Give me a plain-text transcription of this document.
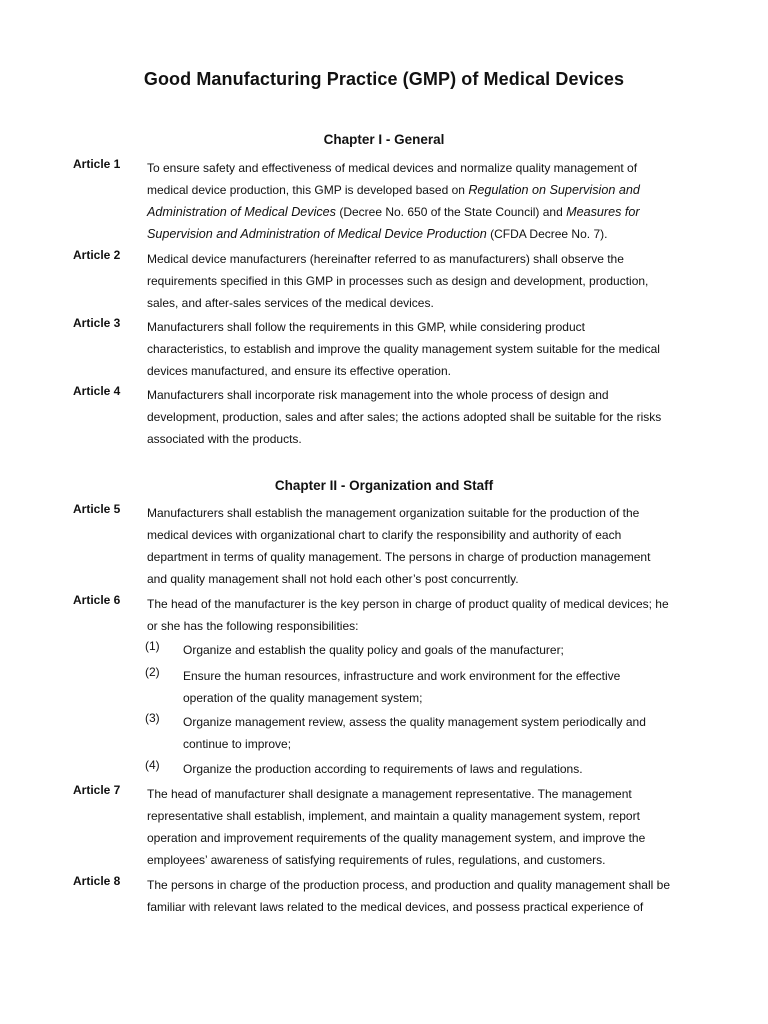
Good Manufacturing Practice (GMP) of Medical Devices
Chapter I - General
Chapter II - Organization and Staff
Article 1 To ensure safety and effectiveness of medical devices and normalize quality management of
medical device production, this GMP is developed based on Regulation on Supervision and
Administration of Medical Devices (Decree No. 650 of the State Council) and Measures for
Supervision and Administration of Medical Device Production (CFDA Decree No. 7).
Article 2 Medical device manufacturers (hereinafter referred to as manufacturers) shall observe the
requirements specified in this GMP in processes such as design and development, production,
sales, and after-sales services of the medical devices.
Article 3 Manufacturers shall follow the requirements in this GMP, while considering product
characteristics, to establish and improve the quality management system suitable for the medical
devices manufactured, and ensure its effective operation.
Article 4 Manufacturers shall incorporate risk management into the whole process of design and
development, production, sales and after sales; the actions adopted shall be suitable for the risks
associated with the products.
Article 5 Manufacturers shall establish the management organization suitable for the production of the
medical devices with organizational chart to clarify the responsibility and authority of each
department in terms of quality management. The persons in charge of production management
and quality management shall not hold each other’s post concurrently.
Article 6 The head of the manufacturer is the key person in charge of product quality of medical devices; he
or she has the following responsibilities:
(1) Organize and establish the quality policy and goals of the manufacturer;
(2) Ensure the human resources, infrastructure and work environment for the effective
operation of the quality management system;
(3) Organize management review, assess the quality management system periodically and
continue to improve;
(4) Organize the production according to requirements of laws and regulations.
Article 7 The head of manufacturer shall designate a management representative. The management
representative shall establish, implement, and maintain a quality management system, report
operation and improvement requirements of the quality management system, and improve the
employees’ awareness of satisfying requirements of rules, regulations, and customers.
Article 8 The persons in charge of the production process, and production and quality management shall be
familiar with relevant laws related to the medical devices, and possess practical experience of
